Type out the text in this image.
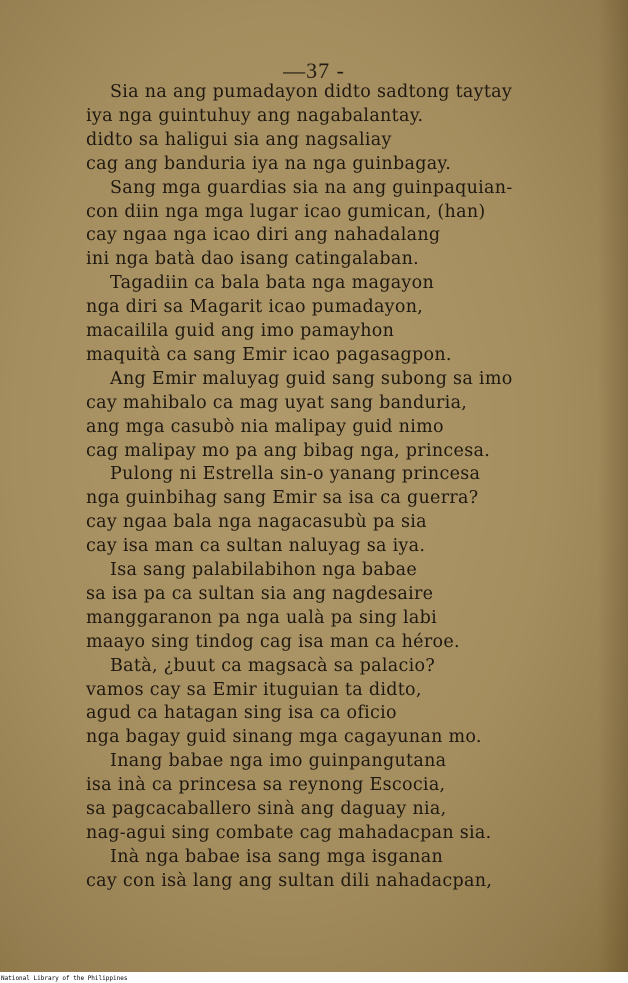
—37 -
Sia na ang pumadayon didto sadtong taytay
iya nga guintuhuy ang nagabalantay.
didto sa haligui sia ang nagsaliay
cag ang banduria iya na nga guinbagay.
Sang mga guardias sia na ang guinpaquian-
con diin nga mga lugar icao gumican, (han)
cay ngaa nga icao diri ang nahadalang
ini nga batà dao isang catingalaban.
Tagadiin ca bala bata nga magayon
nga diri sa Magarit icao pumadayon,
macailila guid ang imo pamayhon
maquità ca sang Emir icao pagasagpon.
Ang Emir maluyag guid sang subong sa imo
cay mahibalo ca mag uyat sang banduria,
ang mga casubò nia malipay guid nimo
cag malipay mo pa ang bibag nga, princesa.
Pulong ni Estrella sin-o yanang princesa
nga guinbihag sang Emir sa isa ca guerra?
cay ngaa bala nga nagacasubù pa sia
cay isa man ca sultan naluyag sa iya.
Isa sang palabilabihon nga babae
sa isa pa ca sultan sia ang nagdesaire
manggaranon pa nga ualà pa sing labi
maayo sing tindog cag isa man ca héroe.
Batà, ¿buut ca magsacà sa palacio?
vamos cay sa Emir ituguian ta didto,
agud ca hatagan sing isa ca oficio
nga bagay guid sinang mga cagayunan mo.
Inang babae nga imo guinpangutana
isa inà ca princesa sa reynong Escocia,
sa pagcacaballero sinà ang daguay nia,
nag-agui sing combate cag mahadacpan sia.
Inà nga babae isa sang mga isganan
cay con isà lang ang sultan dili nahadacpan,
National Library of the Philippines
